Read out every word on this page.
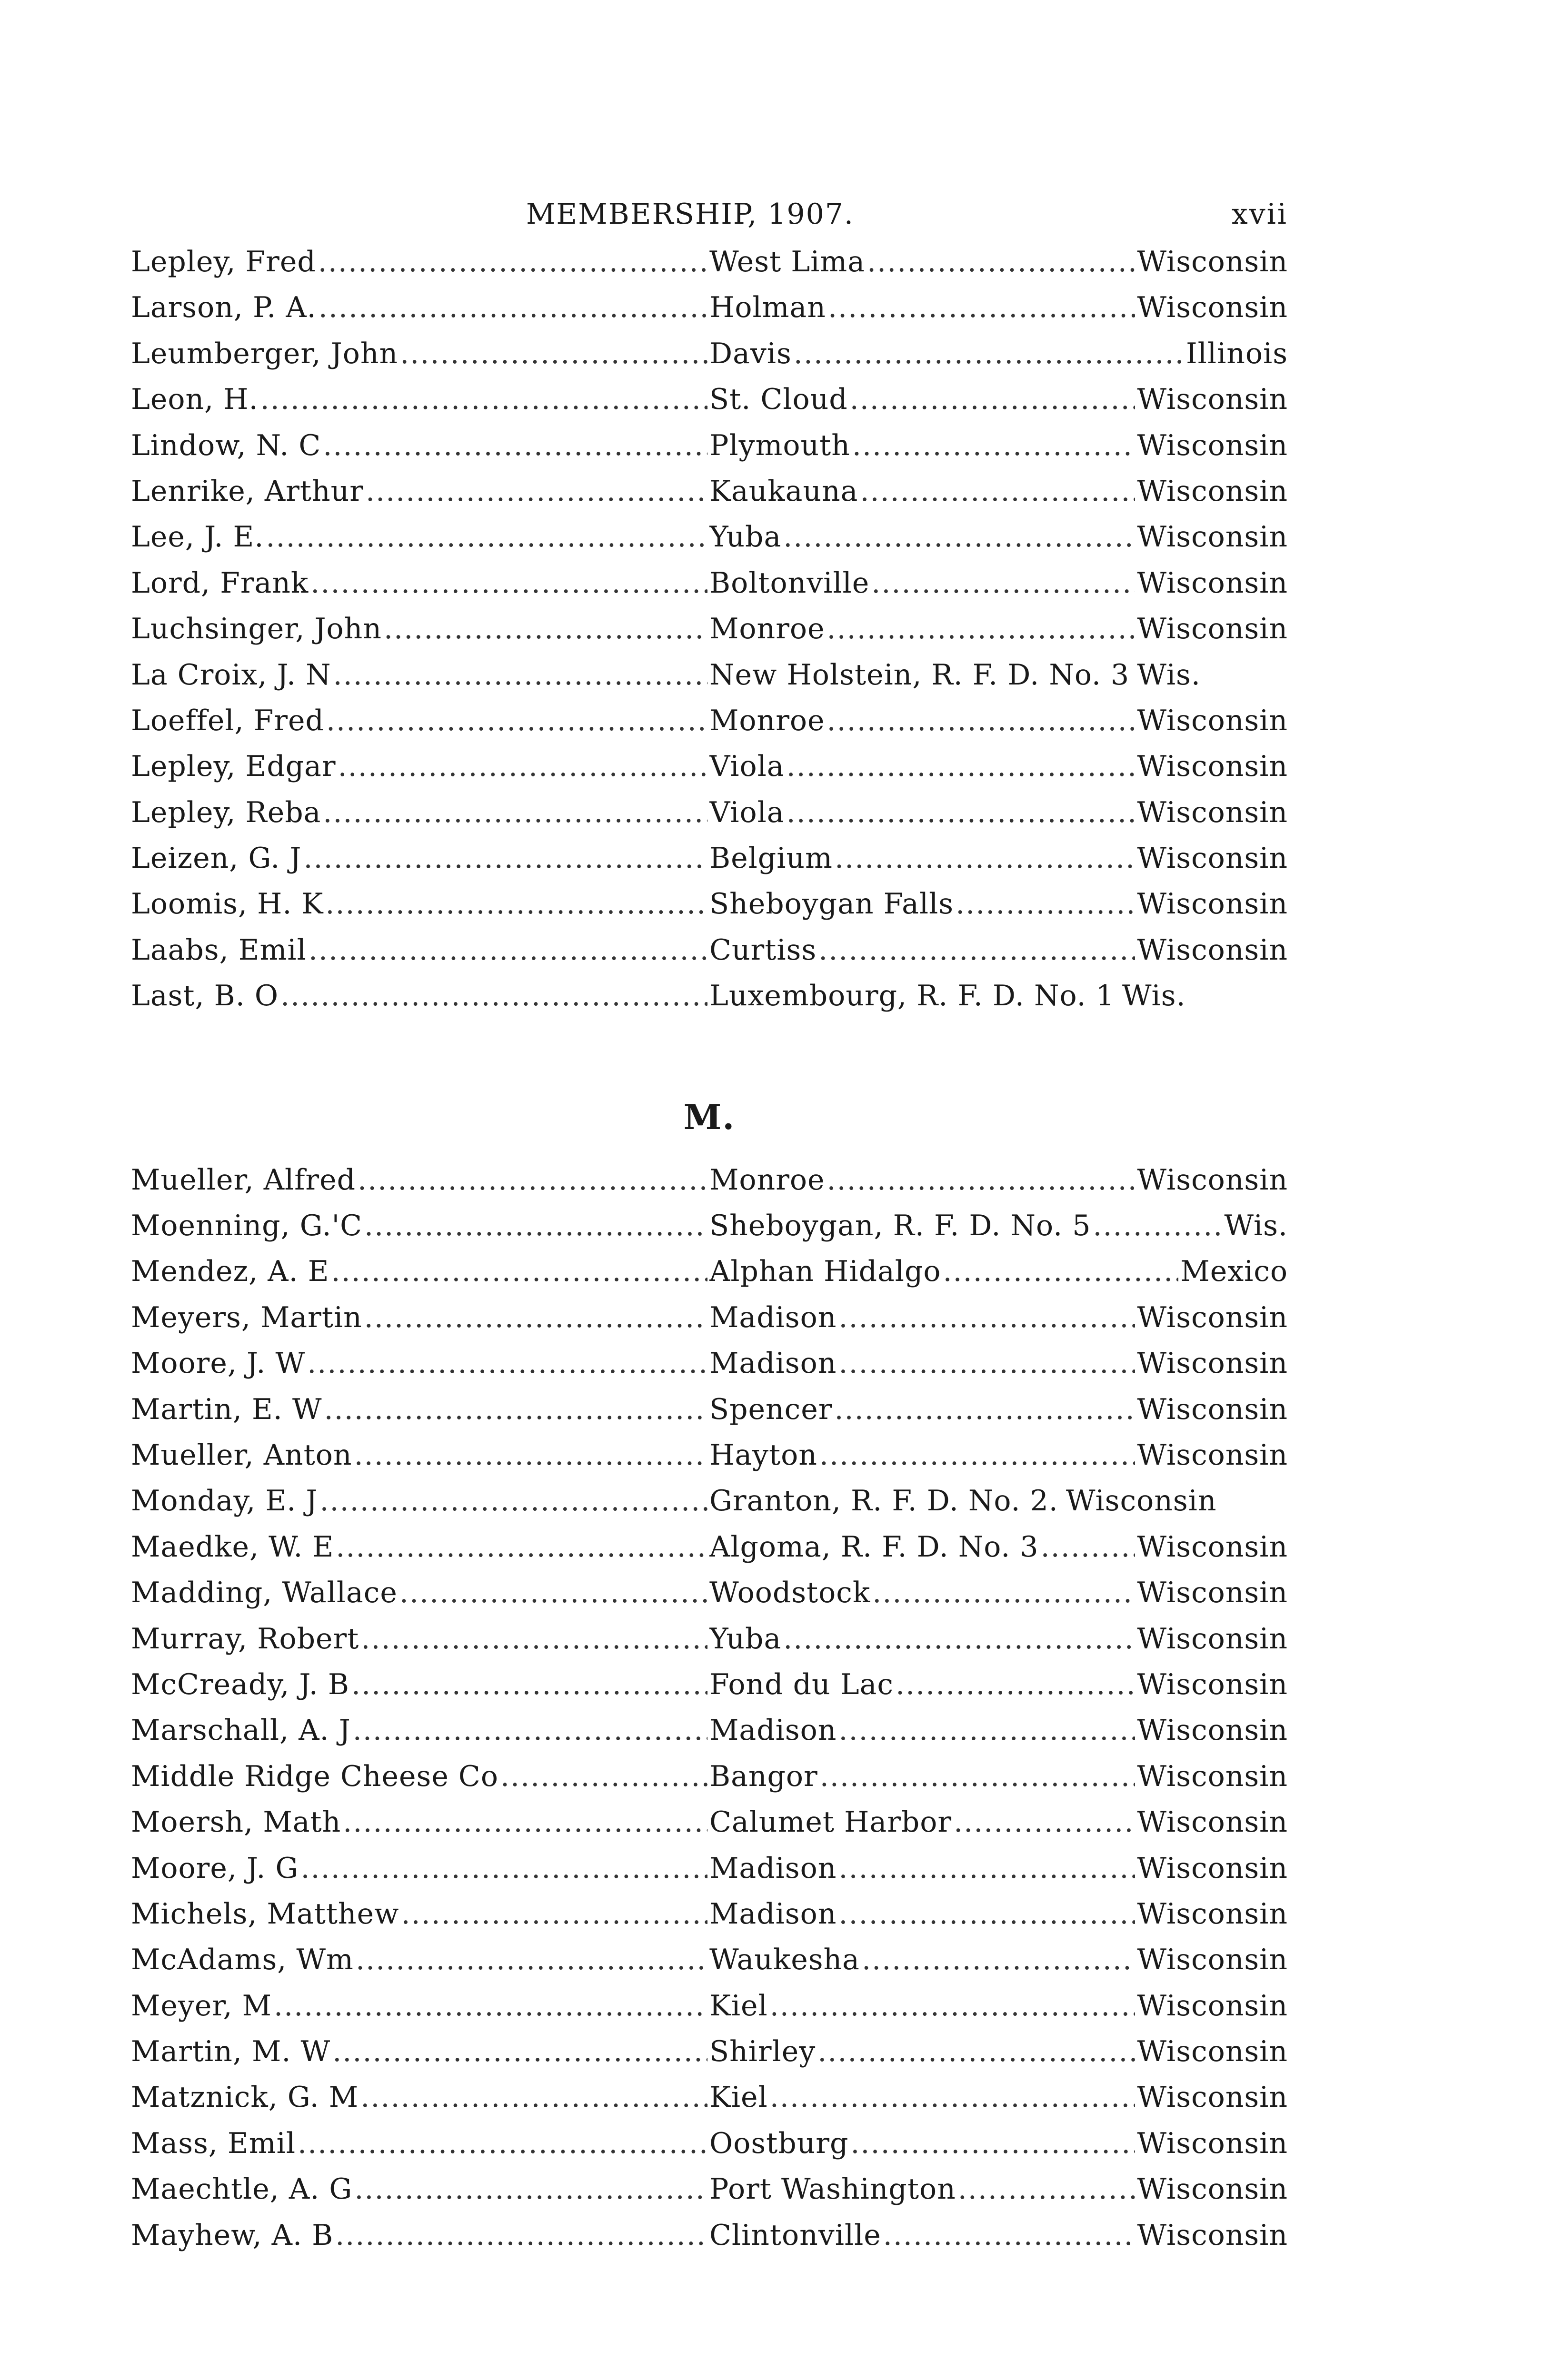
MEMBERSHIP, 1907.	xvii
Lepley, Fred .....	West Lima .....	Wisconsin
Larson, P. A. .....	Holman .....	Wisconsin
Leumberger, John .....	Davis .....	Illinois
Leon, H. .....	St. Cloud .....	Wisconsin
Lindow, N. C .....	Plymouth .....	Wisconsin
Lenrike, Arthur .....	Kaukauna .....	Wisconsin
Lee, J. E. .....	Yuba .....	Wisconsin
Lord, Frank .....	Boltonville .....	Wisconsin
Luchsinger, John .....	Monroe .....	Wisconsin
La Croix, J. N .....	New Holstein, R. F. D. No. 3 Wis.
Loeffel, Fred .....	Monroe .....	Wisconsin
Lepley, Edgar .....	Viola .....	Wisconsin
Lepley, Reba .....	Viola .....	Wisconsin
Leizen, G. J .....	Belgium .....	Wisconsin
Loomis, H. K .....	Sheboygan Falls .....	Wisconsin
Laabs, Emil .....	Curtiss .....	Wisconsin
Last, B. O .....	Luxembourg, R. F. D. No. 1 Wis.
M.
Mueller, Alfred .....	Monroe .....	Wisconsin
Moenning, G.'C .....	Sheboygan, R. F. D. No. 5 .....	Wis.
Mendez, A. E .....	Alphan Hidalgo .....	Mexico
Meyers, Martin .....	Madison .....	Wisconsin
Moore, J. W .....	Madison .....	Wisconsin
Martin, E. W .....	Spencer .....	Wisconsin
Mueller, Anton .....	Hayton .....	Wisconsin
Monday, E. J .....	Granton, R. F. D. No. 2. Wisconsin
Maedke, W. E .....	Algoma, R. F. D. No. 3 .....	Wisconsin
Madding, Wallace .....	Woodstock .....	Wisconsin
Murray, Robert .....	Yuba .....	Wisconsin
McCready, J. B .....	Fond du Lac .....	Wisconsin
Marschall, A. J .....	Madison .....	Wisconsin
Middle Ridge Cheese Co .....	Bangor .....	Wisconsin
Moersh, Math .....	Calumet Harbor .....	Wisconsin
Moore, J. G .....	Madison .....	Wisconsin
Michels, Matthew .....	Madison .....	Wisconsin
McAdams, Wm .....	Waukesha .....	Wisconsin
Meyer, M .....	Kiel .....	Wisconsin
Martin, M. W .....	Shirley .....	Wisconsin
Matznick, G. M .....	Kiel .....	Wisconsin
Mass, Emil .....	Oostburg .....	Wisconsin
Maechtle, A. G .....	Port Washington .....	Wisconsin
Mayhew, A. B .....	Clintonville .....	Wisconsin
